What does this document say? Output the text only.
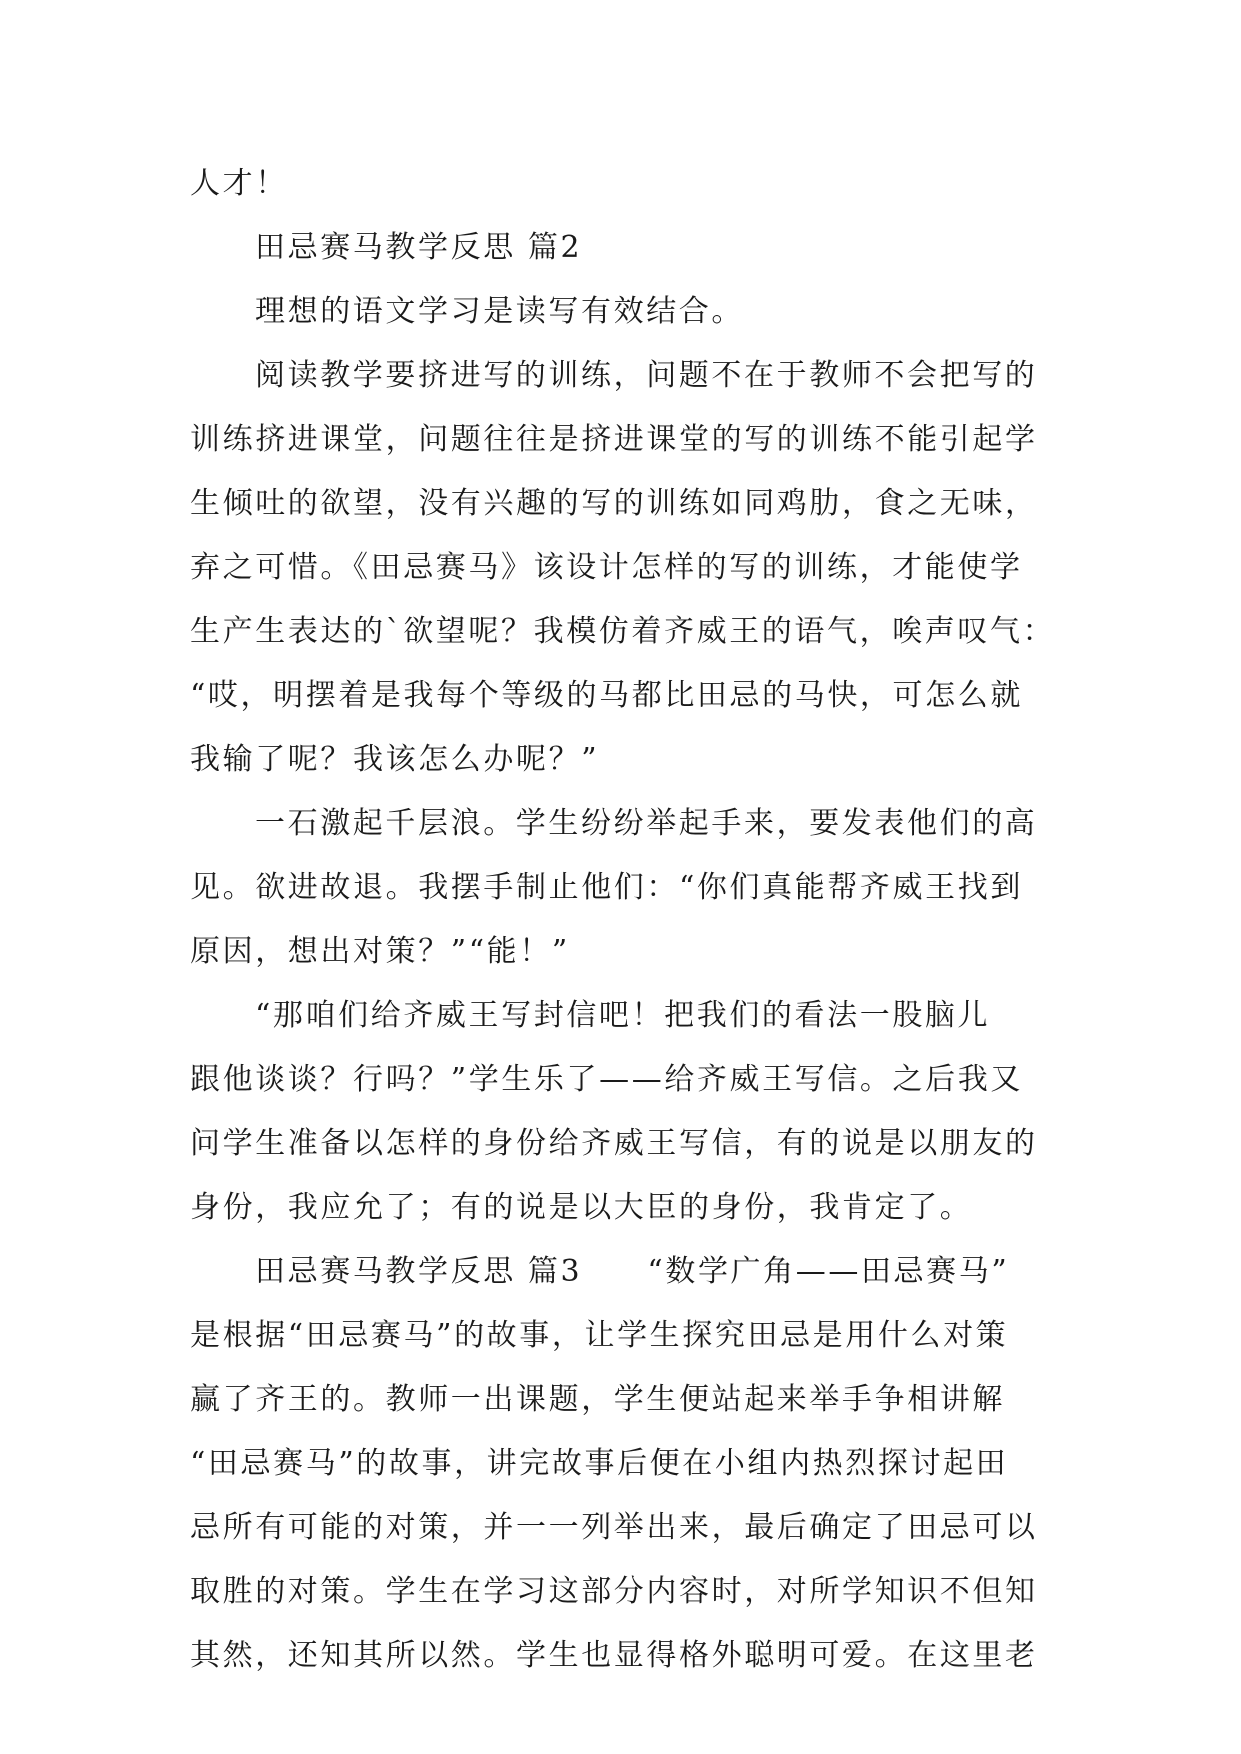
人才！
田忌赛马教学反思 篇2
理想的语文学习是读写有效结合。
阅读教学要挤进写的训练，问题不在于教师不会把写的
训练挤进课堂，问题往往是挤进课堂的写的训练不能引起学
生倾吐的欲望，没有兴趣的写的训练如同鸡肋，食之无味，
弃之可惜。《田忌赛马》该设计怎样的写的训练，才能使学
生产生表达的`欲望呢？我模仿着齐威王的语气，唉声叹气：
“哎，明摆着是我每个等级的马都比田忌的马快，可怎么就
我输了呢？我该怎么办呢？”
一石激起千层浪。学生纷纷举起手来，要发表他们的高
见。欲进故退。我摆手制止他们：“你们真能帮齐威王找到
原因，想出对策？”“能！”
“那咱们给齐威王写封信吧！把我们的看法一股脑儿
跟他谈谈？行吗？”学生乐了——给齐威王写信。之后我又
问学生准备以怎样的身份给齐威王写信，有的说是以朋友的
身份，我应允了；有的说是以大臣的身份，我肯定了。
田忌赛马教学反思 篇3　　“数学广角——田忌赛马”
是根据“田忌赛马”的故事，让学生探究田忌是用什么对策
赢了齐王的。教师一出课题，学生便站起来举手争相讲解
“田忌赛马”的故事，讲完故事后便在小组内热烈探讨起田
忌所有可能的对策，并一一列举出来，最后确定了田忌可以
取胜的对策。学生在学习这部分内容时，对所学知识不但知
其然，还知其所以然。学生也显得格外聪明可爱。在这里老
